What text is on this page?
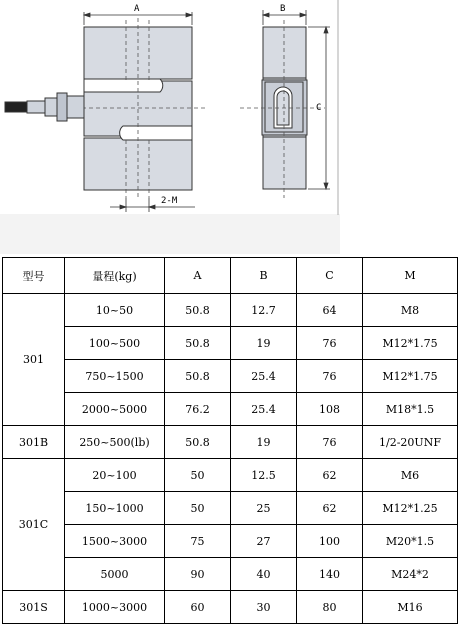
A
2-M
B
C
型号	量程(kg)	A	B	C	M
301	10~50	50.8	12.7	64	M8
	100~500	50.8	19	76	M12*1.75
	750~1500	50.8	25.4	76	M12*1.75
	2000~5000	76.2	25.4	108	M18*1.5
301B	250~500(lb)	50.8	19	76	1/2-20UNF
301C	20~100	50	12.5	62	M6
	150~1000	50	25	62	M12*1.25
	1500~3000	75	27	100	M20*1.5
	5000	90	40	140	M24*2
301S	1000~3000	60	30	80	M16
